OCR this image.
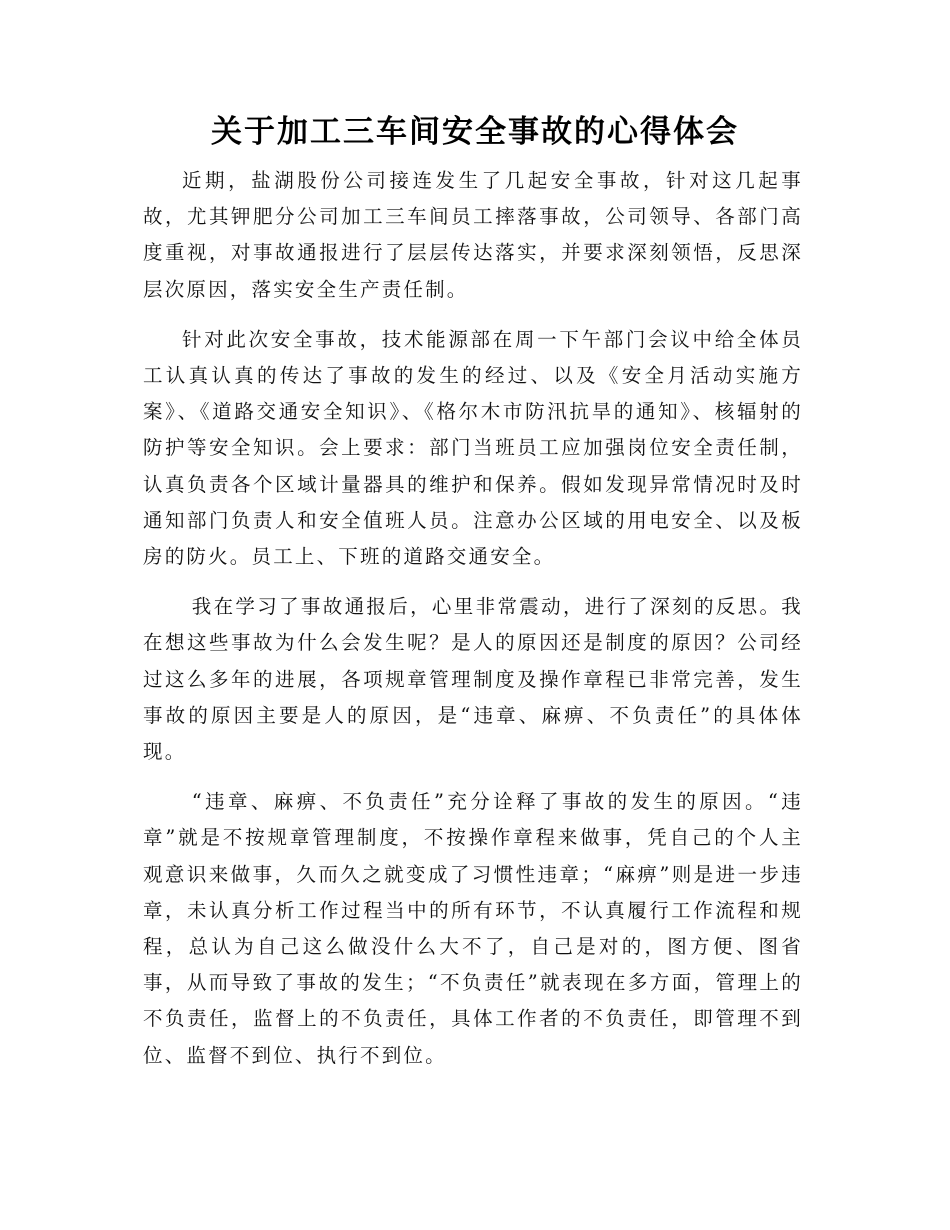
关于加工三车间安全事故的心得体会

近期，盐湖股份公司接连发生了几起安全事故，针对这几起事故，尤其钾肥分公司加工三车间员工摔落事故，公司领导、各部门高度重视，对事故通报进行了层层传达落实，并要求深刻领悟，反思深层次原因，落实安全生产责任制。

针对此次安全事故，技术能源部在周一下午部门会议中给全体员工认真认真的传达了事故的发生的经过、以及《安全月活动实施方案》、《道路交通安全知识》、《格尔木市防汛抗旱的通知》、核辐射的防护等安全知识。会上要求：部门当班员工应加强岗位安全责任制，认真负责各个区域计量器具的维护和保养。假如发现异常情况时及时通知部门负责人和安全值班人员。注意办公区域的用电安全、以及板房的防火。员工上、下班的道路交通安全。

我在学习了事故通报后，心里非常震动，进行了深刻的反思。我在想这些事故为什么会发生呢？是人的原因还是制度的原因？公司经过这么多年的进展，各项规章管理制度及操作章程已非常完善，发生事故的原因主要是人的原因，是“违章、麻痹、不负责任”的具体体现。

“违章、麻痹、不负责任”充分诠释了事故的发生的原因。“违章”就是不按规章管理制度，不按操作章程来做事，凭自己的个人主观意识来做事，久而久之就变成了习惯性违章；“麻痹”则是进一步违章，未认真分析工作过程当中的所有环节，不认真履行工作流程和规程，总认为自己这么做没什么大不了，自己是对的，图方便、图省事，从而导致了事故的发生；“不负责任”就表现在多方面，管理上的不负责任，监督上的不负责任，具体工作者的不负责任，即管理不到位、监督不到位、执行不到位。
